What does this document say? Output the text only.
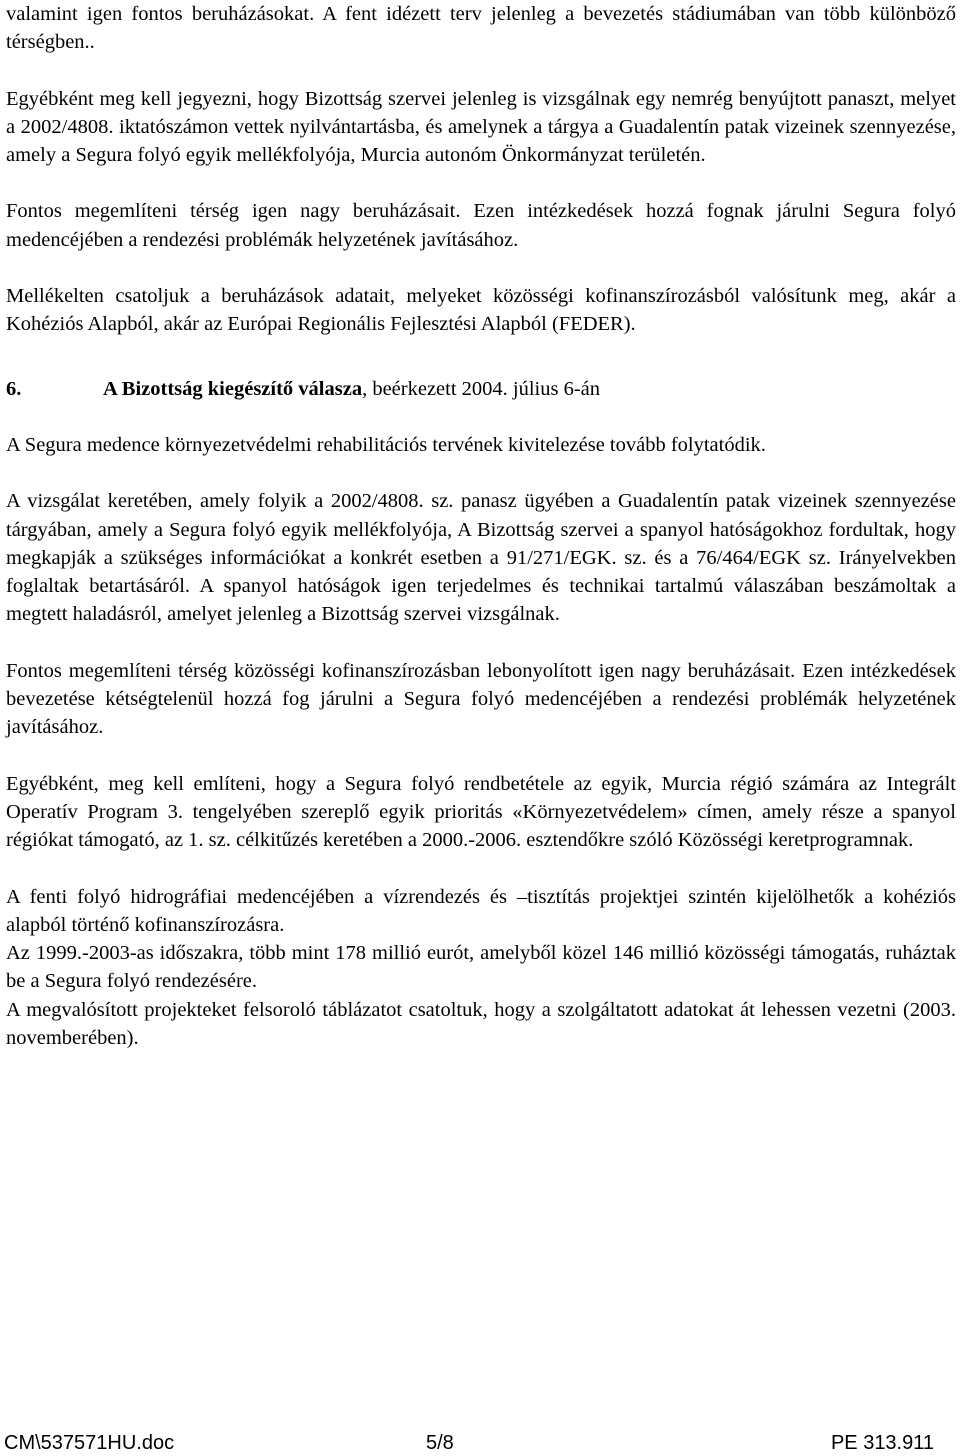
valamint igen fontos beruházásokat. A fent idézett terv jelenleg a bevezetés stádiumában van több különböző térségben..

Egyébként meg kell jegyezni, hogy Bizottság szervei jelenleg is vizsgálnak egy nemrég benyújtott panaszt, melyet a 2002/4808. iktatószámon vettek nyilvántartásba, és amelynek a tárgya a Guadalentín patak vizeinek szennyezése, amely a Segura folyó egyik mellékfolyója, Murcia autonóm Önkormányzat területén.

Fontos megemlíteni térség igen nagy beruházásait. Ezen intézkedések hozzá fognak járulni Segura folyó medencéjében a rendezési problémák helyzetének javításához.

Mellékelten csatoljuk a beruházások adatait, melyeket közösségi kofinanszírozásból valósítunk meg, akár a Kohéziós Alapból, akár az Európai Regionális Fejlesztési Alapból (FEDER).

6.	A Bizottság kiegészítő válasza, beérkezett 2004. július 6-án

A Segura medence környezetvédelmi rehabilitációs tervének kivitelezése tovább folytatódik.

A vizsgálat keretében, amely folyik a 2002/4808. sz. panasz ügyében a Guadalentín patak vizeinek szennyezése tárgyában, amely a Segura folyó egyik mellékfolyója, A Bizottság szervei a spanyol hatóságokhoz fordultak, hogy megkapják a szükséges információkat a konkrét esetben a 91/271/EGK. sz. és a 76/464/EGK sz. Irányelvekben foglaltak betartásáról. A spanyol hatóságok igen terjedelmes és technikai tartalmú válaszában beszámoltak a megtett haladásról, amelyet jelenleg a Bizottság szervei vizsgálnak.

Fontos megemlíteni térség közösségi kofinanszírozásban lebonyolított igen nagy beruházásait. Ezen intézkedések bevezetése kétségtelenül hozzá fog járulni a Segura folyó medencéjében a rendezési problémák helyzetének javításához.

Egyébként, meg kell említeni, hogy a Segura folyó rendbetétele az egyik, Murcia régió számára az Integrált Operatív Program 3. tengelyében szereplő egyik prioritás «Környezetvédelem» címen, amely része a spanyol régiókat támogató, az 1. sz. célkitűzés keretében a 2000.-2006. esztendőkre szóló Közösségi keretprogramnak.

A fenti folyó hidrográfiai medencéjében a vízrendezés és –tisztítás projektjei szintén kijelölhetők a kohéziós alapból történő kofinanszírozásra.

Az 1999.-2003-as időszakra, több mint 178 millió eurót, amelyből közel 146 millió közösségi támogatás, ruháztak be a Segura folyó rendezésére.

A megvalósított projekteket felsoroló táblázatot csatoltuk, hogy a szolgáltatott adatokat át lehessen vezetni (2003. novemberében).

CM\537571HU.doc	5/8	PE 313.911
